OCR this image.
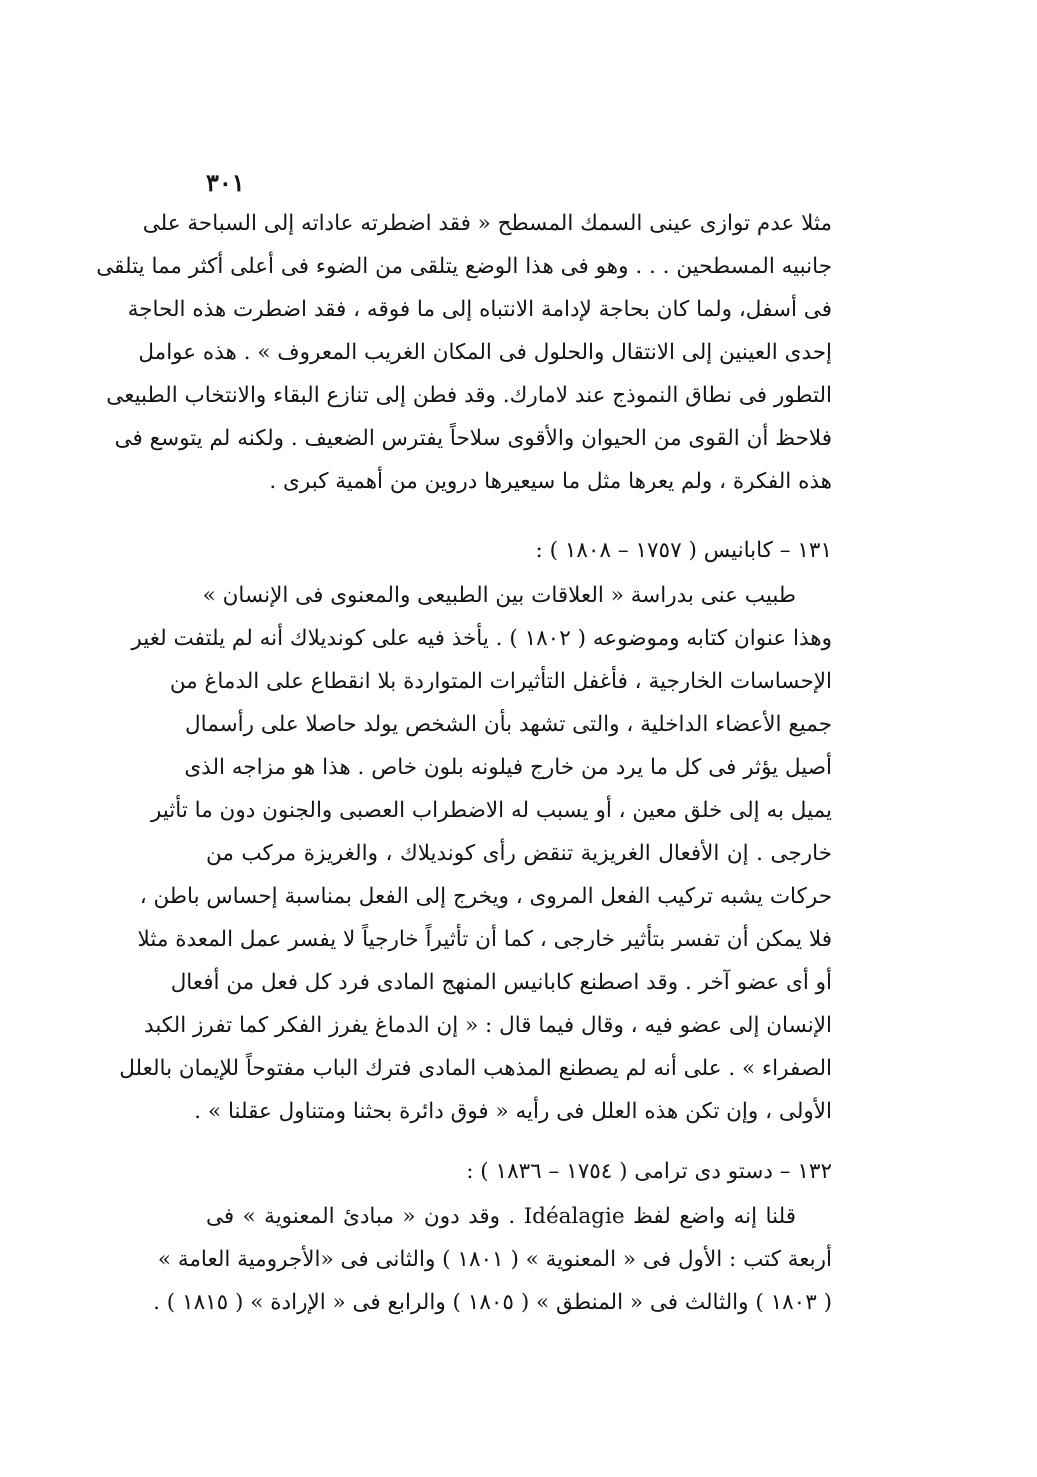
٣٠١
مثلا عدم توازى عينى السمك المسطح « فقد اضطرته عاداته إلى السباحة على
جانبيه المسطحين . . . وهو فى هذا الوضع يتلقى من الضوء فى أعلى أكثر مما يتلقى
فى أسفل، ولما كان بحاجة لإدامة الانتباه إلى ما فوقه ، فقد اضطرت هذه الحاجة
إحدى العينين إلى الانتقال والحلول فى المكان الغريب المعروف » . هذه عوامل
التطور فى نطاق النموذج عند لامارك. وقد فطن إلى تنازع البقاء والانتخاب الطبيعى
فلاحظ أن القوى من الحيوان والأقوى سلاحاً يفترس الضعيف . ولكنه لم يتوسع فى
هذه الفكرة ، ولم يعرها مثل ما سيعيرها دروين من أهمية كبرى .
١٣١ – كابانيس ( ١٧٥٧ – ١٨٠٨ ) :
طبيب عنى بدراسة « العلاقات بين الطبيعى والمعنوى فى الإنسان »
وهذا عنوان كتابه وموضوعه ( ١٨٠٢ ) . يأخذ فيه على كونديلاك أنه لم يلتفت لغير
الإحساسات الخارجية ، فأغفل التأثيرات المتواردة بلا انقطاع على الدماغ من
جميع الأعضاء الداخلية ، والتى تشهد بأن الشخص يولد حاصلا على رأسمال
أصيل يؤثر فى كل ما يرد من خارج فيلونه بلون خاص . هذا هو مزاجه الذى
يميل به إلى خلق معين ، أو يسبب له الاضطراب العصبى والجنون دون ما تأثير
خارجى . إن الأفعال الغريزية تنقض رأى كونديلاك ، والغريزة مركب من
حركات يشبه تركيب الفعل المروى ، ويخرج إلى الفعل بمناسبة إحساس باطن ،
فلا يمكن أن تفسر بتأثير خارجى ، كما أن تأثيراً خارجياً لا يفسر عمل المعدة مثلا
أو أى عضو آخر . وقد اصطنع كابانيس المنهج المادى فرد كل فعل من أفعال
الإنسان إلى عضو فيه ، وقال فيما قال : « إن الدماغ يفرز الفكر كما تفرز الكبد
الصفراء » . على أنه لم يصطنع المذهب المادى فترك الباب مفتوحاً للإيمان بالعلل
الأولى ، وإن تكن هذه العلل فى رأيه « فوق دائرة بحثنا ومتناول عقلنا » .
١٣٢ – دستو دى ترامى ( ١٧٥٤ – ١٨٣٦ ) :
قلنا إنه واضع لفظ Idéalagie . وقد دون « مبادئ المعنوية » فى
أربعة كتب : الأول فى « المعنوية » ( ١٨٠١ ) والثانى فى «الأجرومية العامة »
( ١٨٠٣ ) والثالث فى « المنطق » ( ١٨٠٥ ) والرابع فى « الإرادة » ( ١٨١٥ ) .
